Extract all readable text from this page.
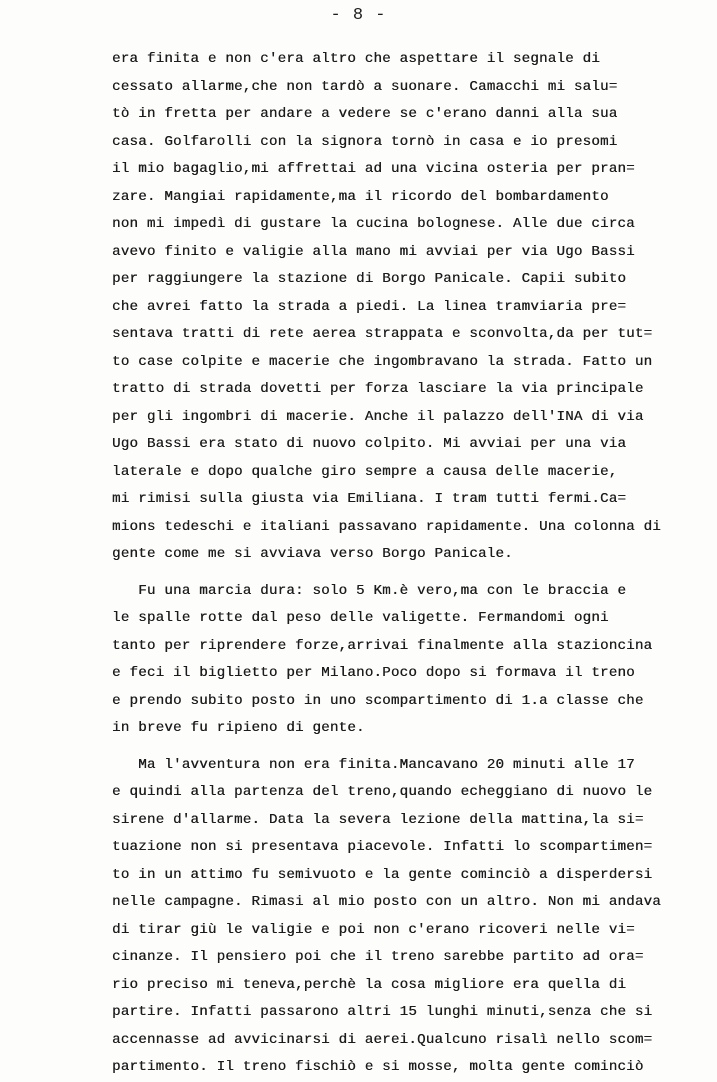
- 8 -
era finita e non c'era altro che aspettare il segnale di
cessato allarme,che non tardò a suonare. Camacchi mi salu=
tò in fretta per andare a vedere se c'erano danni alla sua
casa. Golfarolli con la signora tornò in casa e io presomi
il mio bagaglio,mi affrettai ad una vicina osteria per pran=
zare. Mangiai rapidamente,ma il ricordo del bombardamento
non mi impedì di gustare la cucina bolognese. Alle due circa
avevo finito e valigie alla mano mi avviai per via Ugo Bassi
per raggiungere la stazione di Borgo Panicale. Capii subito
che avrei fatto la strada a piedi. La linea tramviaria pre=
sentava tratti di rete aerea strappata e sconvolta,da per tut=
to case colpite e macerie che ingombravano la strada. Fatto un
tratto di strada dovetti per forza lasciare la via principale
per gli ingombri di macerie. Anche il palazzo dell'INA di via
Ugo Bassi era stato di nuovo colpito. Mi avviai per una via
laterale e dopo qualche giro sempre a causa delle macerie,
mi rimisi sulla giusta via Emiliana. I tram tutti fermi.Ca=
mions tedeschi e italiani passavano rapidamente. Una colonna di
gente come me si avviava verso Borgo Panicale.
Fu una marcia dura: solo 5 Km.è vero,ma con le braccia e
le spalle rotte dal peso delle valigette. Fermandomi ogni
tanto per riprendere forze,arrivai finalmente alla stazioncina
e feci il biglietto per Milano.Poco dopo si formava il treno
e prendo subito posto in uno scompartimento di 1.a classe che
in breve fu ripieno di gente.
Ma l'avventura non era finita.Mancavano 20 minuti alle 17
e quindi alla partenza del treno,quando echeggiano di nuovo le
sirene d'allarme. Data la severa lezione della mattina,la si=
tuazione non si presentava piacevole. Infatti lo scompartimen=
to in un attimo fu semivuoto e la gente cominciò a disperdersi
nelle campagne. Rimasi al mio posto con un altro. Non mi andava
di tirar giù le valigie e poi non c'erano ricoveri nelle vi=
cinanze. Il pensiero poi che il treno sarebbe partito ad ora=
rio preciso mi teneva,perchè la cosa migliore era quella di
partire. Infatti passarono altri 15 lunghi minuti,senza che si
accennasse ad avvicinarsi di aerei.Qualcuno risalì nello scom=
partimento. Il treno fischiò e si mosse, molta gente cominciò
